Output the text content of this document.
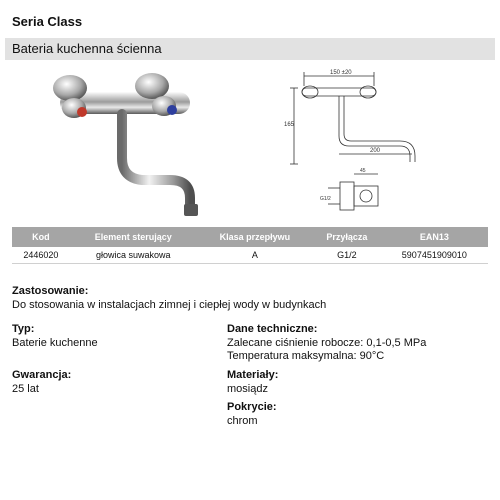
Seria Class
Bateria kuchenna ścienna
150 ±20
165
200
G1/2
45
Kod	Element sterujący	Klasa przepływu	Przyłącza	EAN13
2446020	głowica suwakowa	A	G1/2	5907451909010
Zastosowanie:
Do stosowania w instalacjach zimnej i ciepłej wody w budynkach
Typ:
Baterie kuchenne
Gwarancja:
25 lat
Dane techniczne:
Zalecane ciśnienie robocze: 0,1-0,5 MPa
Temperatura maksymalna: 90°C
Materiały:
mosiądz
Pokrycie:
chrom
